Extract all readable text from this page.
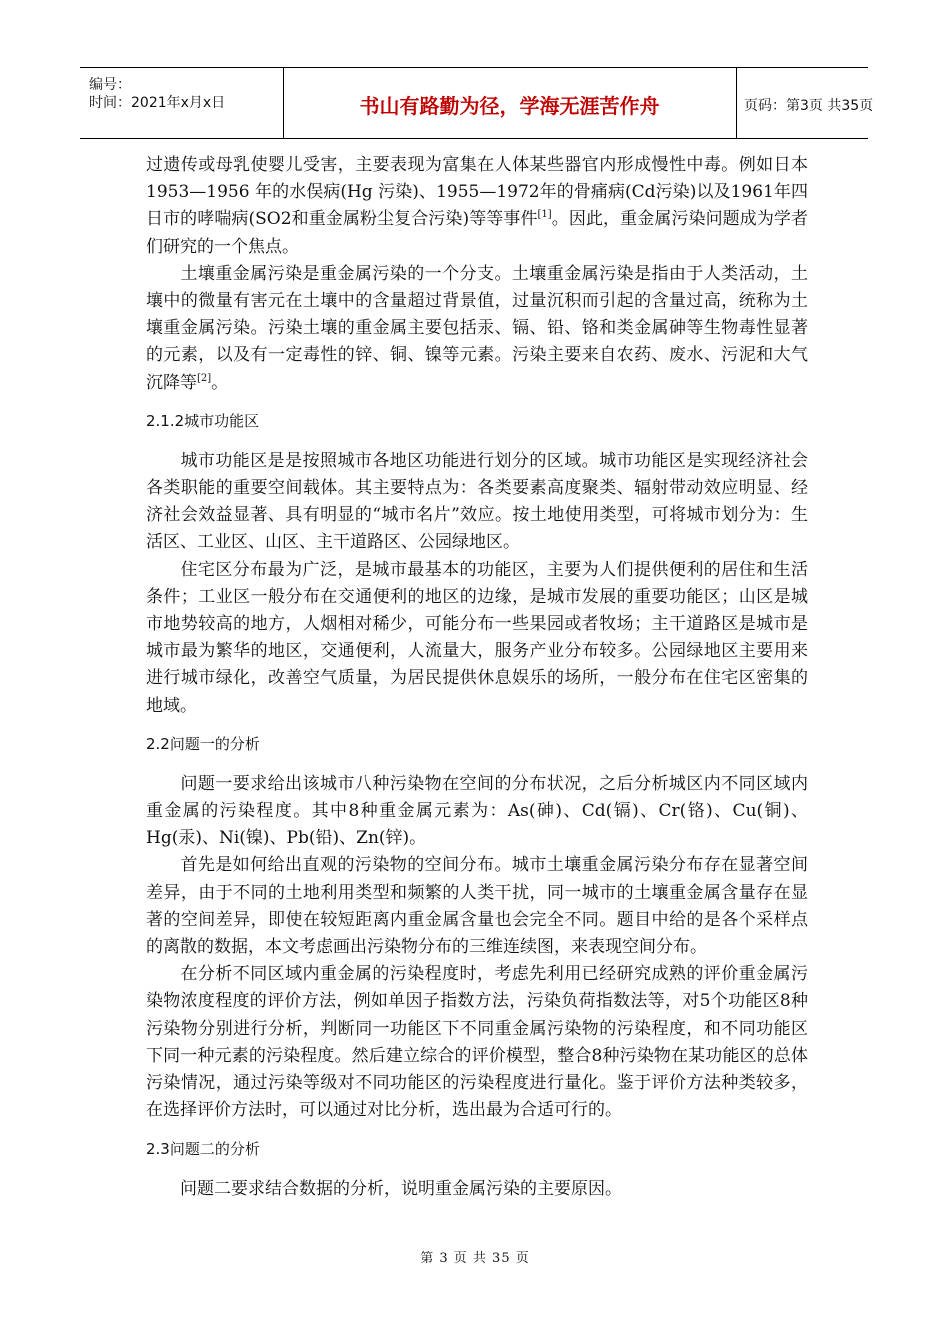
编号：
时间：2021年x月x日	书山有路勤为径，学海无涯苦作舟	页码：第3页 共35页

过遗传或母乳使婴儿受害，主要表现为富集在人体某些器官内形成慢性中毒。例如日本 1953—1956 年的水俣病(Hg 污染)、1955—1972年的骨痛病(Cd污染)以及1961年四日市的哮喘病(SO2和重金属粉尘复合污染)等等事件[1]。因此，重金属污染问题成为学者们研究的一个焦点。

土壤重金属污染是重金属污染的一个分支。土壤重金属污染是指由于人类活动，土壤中的微量有害元在土壤中的含量超过背景值，过量沉积而引起的含量过高，统称为土壤重金属污染。污染土壤的重金属主要包括汞、镉、铅、铬和类金属砷等生物毒性显著的元素，以及有一定毒性的锌、铜、镍等元素。污染主要来自农药、废水、污泥和大气沉降等[2]。

2.1.2城市功能区

城市功能区是是按照城市各地区功能进行划分的区域。城市功能区是实现经济社会各类职能的重要空间载体。其主要特点为：各类要素高度聚类、辐射带动效应明显、经济社会效益显著、具有明显的“城市名片”效应。按土地使用类型，可将城市划分为：生活区、工业区、山区、主干道路区、公园绿地区。

住宅区分布最为广泛，是城市最基本的功能区，主要为人们提供便利的居住和生活条件；工业区一般分布在交通便利的地区的边缘，是城市发展的重要功能区；山区是城市地势较高的地方，人烟相对稀少，可能分布一些果园或者牧场；主干道路区是城市是城市最为繁华的地区，交通便利，人流量大，服务产业分布较多。公园绿地区主要用来进行城市绿化，改善空气质量，为居民提供休息娱乐的场所，一般分布在住宅区密集的地域。

2.2问题一的分析

问题一要求给出该城市八种污染物在空间的分布状况，之后分析城区内不同区域内重金属的污染程度。其中8种重金属元素为：As(砷)、Cd(镉)、Cr(铬)、Cu(铜)、Hg(汞)、Ni(镍)、Pb(铅)、Zn(锌)。

首先是如何给出直观的污染物的空间分布。城市土壤重金属污染分布存在显著空间差异，由于不同的土地利用类型和频繁的人类干扰，同一城市的土壤重金属含量存在显著的空间差异，即使在较短距离内重金属含量也会完全不同。题目中给的是各个采样点的离散的数据，本文考虑画出污染物分布的三维连续图，来表现空间分布。

在分析不同区域内重金属的污染程度时，考虑先利用已经研究成熟的评价重金属污染物浓度程度的评价方法，例如单因子指数方法，污染负荷指数法等，对5个功能区8种污染物分别进行分析，判断同一功能区下不同重金属污染物的污染程度，和不同功能区下同一种元素的污染程度。然后建立综合的评价模型，整合8种污染物在某功能区的总体污染情况，通过污染等级对不同功能区的污染程度进行量化。鉴于评价方法种类较多，在选择评价方法时，可以通过对比分析，选出最为合适可行的。

2.3问题二的分析

问题二要求结合数据的分析，说明重金属污染的主要原因。

第 3 页 共 35 页
